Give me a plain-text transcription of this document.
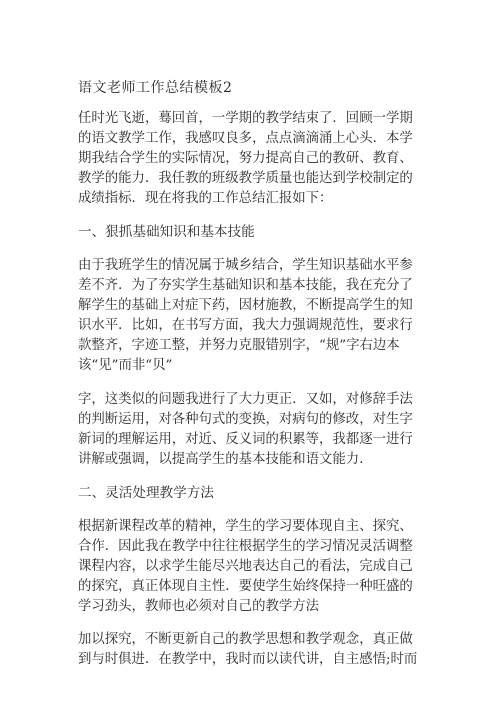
语文老师工作总结模板2
任时光飞逝，蓦回首，一学期的教学结束了．回顾一学期
的语文教学工作，我感叹良多，点点滴滴涌上心头．本学
期我结合学生的实际情况，努力提高自己的教研、教育、
教学的能力．我任教的班级教学质量也能达到学校制定的
成绩指标．现在将我的工作总结汇报如下：
一、狠抓基础知识和基本技能
由于我班学生的情况属于城乡结合，学生知识基础水平参
差不齐．为了夯实学生基础知识和基本技能，我在充分了
解学生的基础上对症下药，因材施教，不断提高学生的知
识水平．比如，在书写方面，我大力强调规范性，要求行
款整齐，字迹工整，并努力克服错别字，“规”字右边本
该“见”而非“贝”
字，这类似的问题我进行了大力更正．又如，对修辞手法
的判断运用，对各种句式的变换，对病句的修改，对生字
新词的理解运用，对近、反义词的积累等，我都逐一进行
讲解或强调，以提高学生的基本技能和语文能力．
二、灵活处理教学方法
根据新课程改革的精神，学生的学习要体现自主、探究、
合作．因此我在教学中往往根据学生的学习情况灵活调整
课程内容，以求学生能尽兴地表达自己的看法，完成自己
的探究，真正体现自主性．要使学生始终保持一种旺盛的
学习劲头，教师也必须对自己的教学方法
加以探究，不断更新自己的教学思想和教学观念，真正做
到与时俱进．在教学中，我时而以读代讲，自主感悟;时而
